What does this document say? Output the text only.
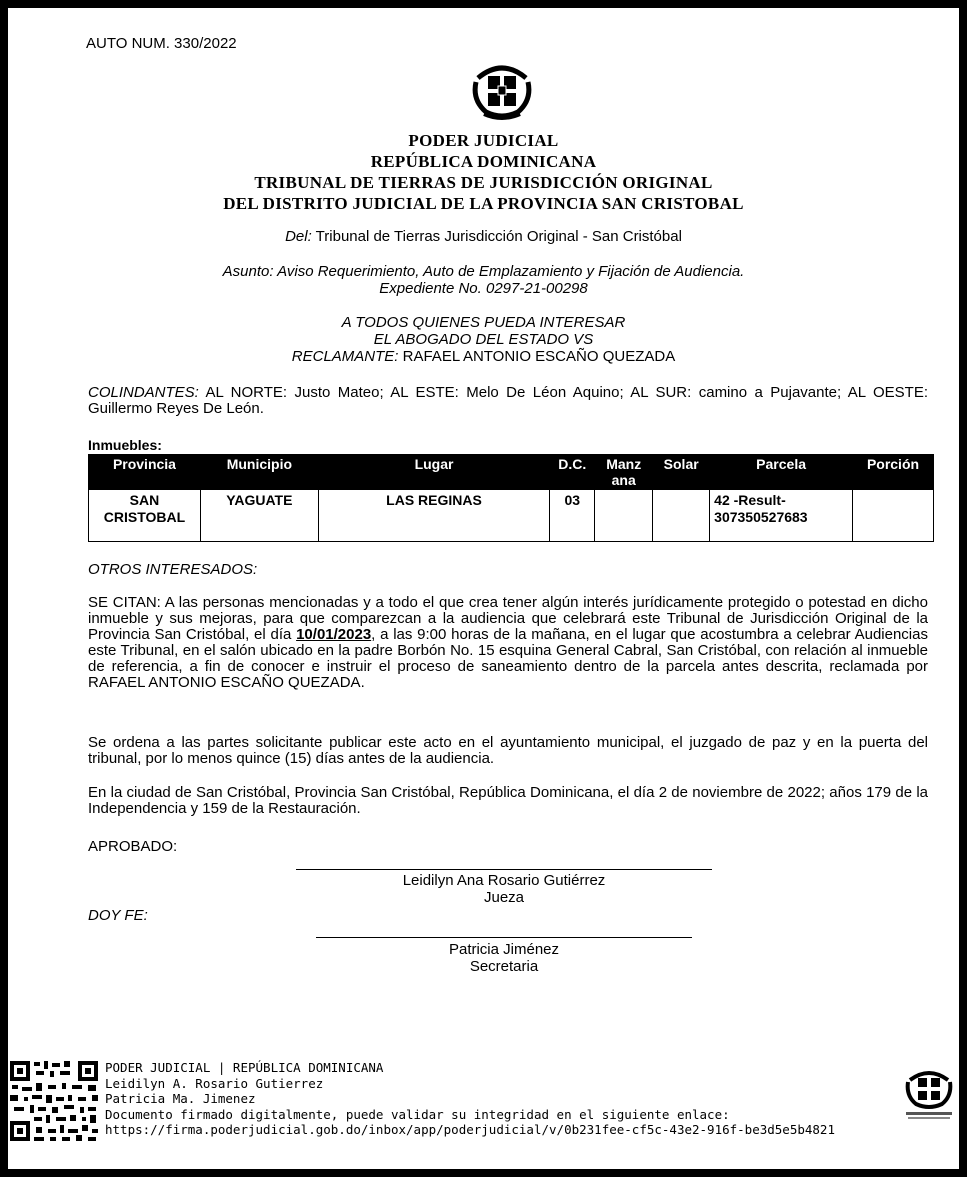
AUTO NUM. 330/2022
PODER JUDICIAL
REPÚBLICA DOMINICANA
TRIBUNAL DE TIERRAS DE JURISDICCIÓN ORIGINAL
DEL DISTRITO JUDICIAL DE LA PROVINCIA SAN CRISTOBAL
Del: Tribunal de Tierras Jurisdicción Original - San Cristóbal
Asunto: Aviso Requerimiento, Auto de Emplazamiento y Fijación de Audiencia.
Expediente No. 0297-21-00298
A TODOS QUIENES PUEDA INTERESAR
EL ABOGADO DEL ESTADO VS
RECLAMANTE: RAFAEL ANTONIO ESCAÑO QUEZADA
COLINDANTES: AL NORTE: Justo Mateo; AL ESTE: Melo De Léon Aquino; AL SUR: camino a Pujavante; AL OESTE: Guillermo Reyes De León.
Inmuebles:
Provincia	Municipio	Lugar	D.C.	Manz ana	Solar	Parcela	Porción
SAN CRISTOBAL	YAGUATE	LAS REGINAS	03			42 -Result- 307350527683	
OTROS INTERESADOS:
SE CITAN: A las personas mencionadas y a todo el que crea tener algún interés jurídicamente protegido o potestad en dicho inmueble y sus mejoras, para que comparezcan a la audiencia que celebrará este Tribunal de Jurisdicción Original de la Provincia San Cristóbal, el día 10/01/2023, a las 9:00 horas de la mañana, en el lugar que acostumbra a celebrar Audiencias este Tribunal, en el salón ubicado en la padre Borbón No. 15 esquina General Cabral, San Cristóbal, con relación al inmueble de referencia, a fin de conocer e instruir el proceso de saneamiento dentro de la parcela antes descrita, reclamada por RAFAEL ANTONIO ESCAÑO QUEZADA.
Se ordena a las partes solicitante publicar este acto en el ayuntamiento municipal, el juzgado de paz y en la puerta del tribunal, por lo menos quince (15) días antes de la audiencia.
En la ciudad de San Cristóbal, Provincia San Cristóbal, República Dominicana, el día 2 de noviembre de 2022; años 179 de la Independencia y 159 de la Restauración.
APROBADO:
Leidilyn Ana Rosario Gutiérrez
Jueza
DOY FE:
Patricia Jiménez
Secretaria
PODER JUDICIAL | REPÚBLICA DOMINICANA
Leidilyn A. Rosario Gutierrez
Patricia Ma. Jimenez
Documento firmado digitalmente, puede validar su integridad en el siguiente enlace:
https://firma.poderjudicial.gob.do/inbox/app/poderjudicial/v/0b231fee-cf5c-43e2-916f-be3d5e5b4821
